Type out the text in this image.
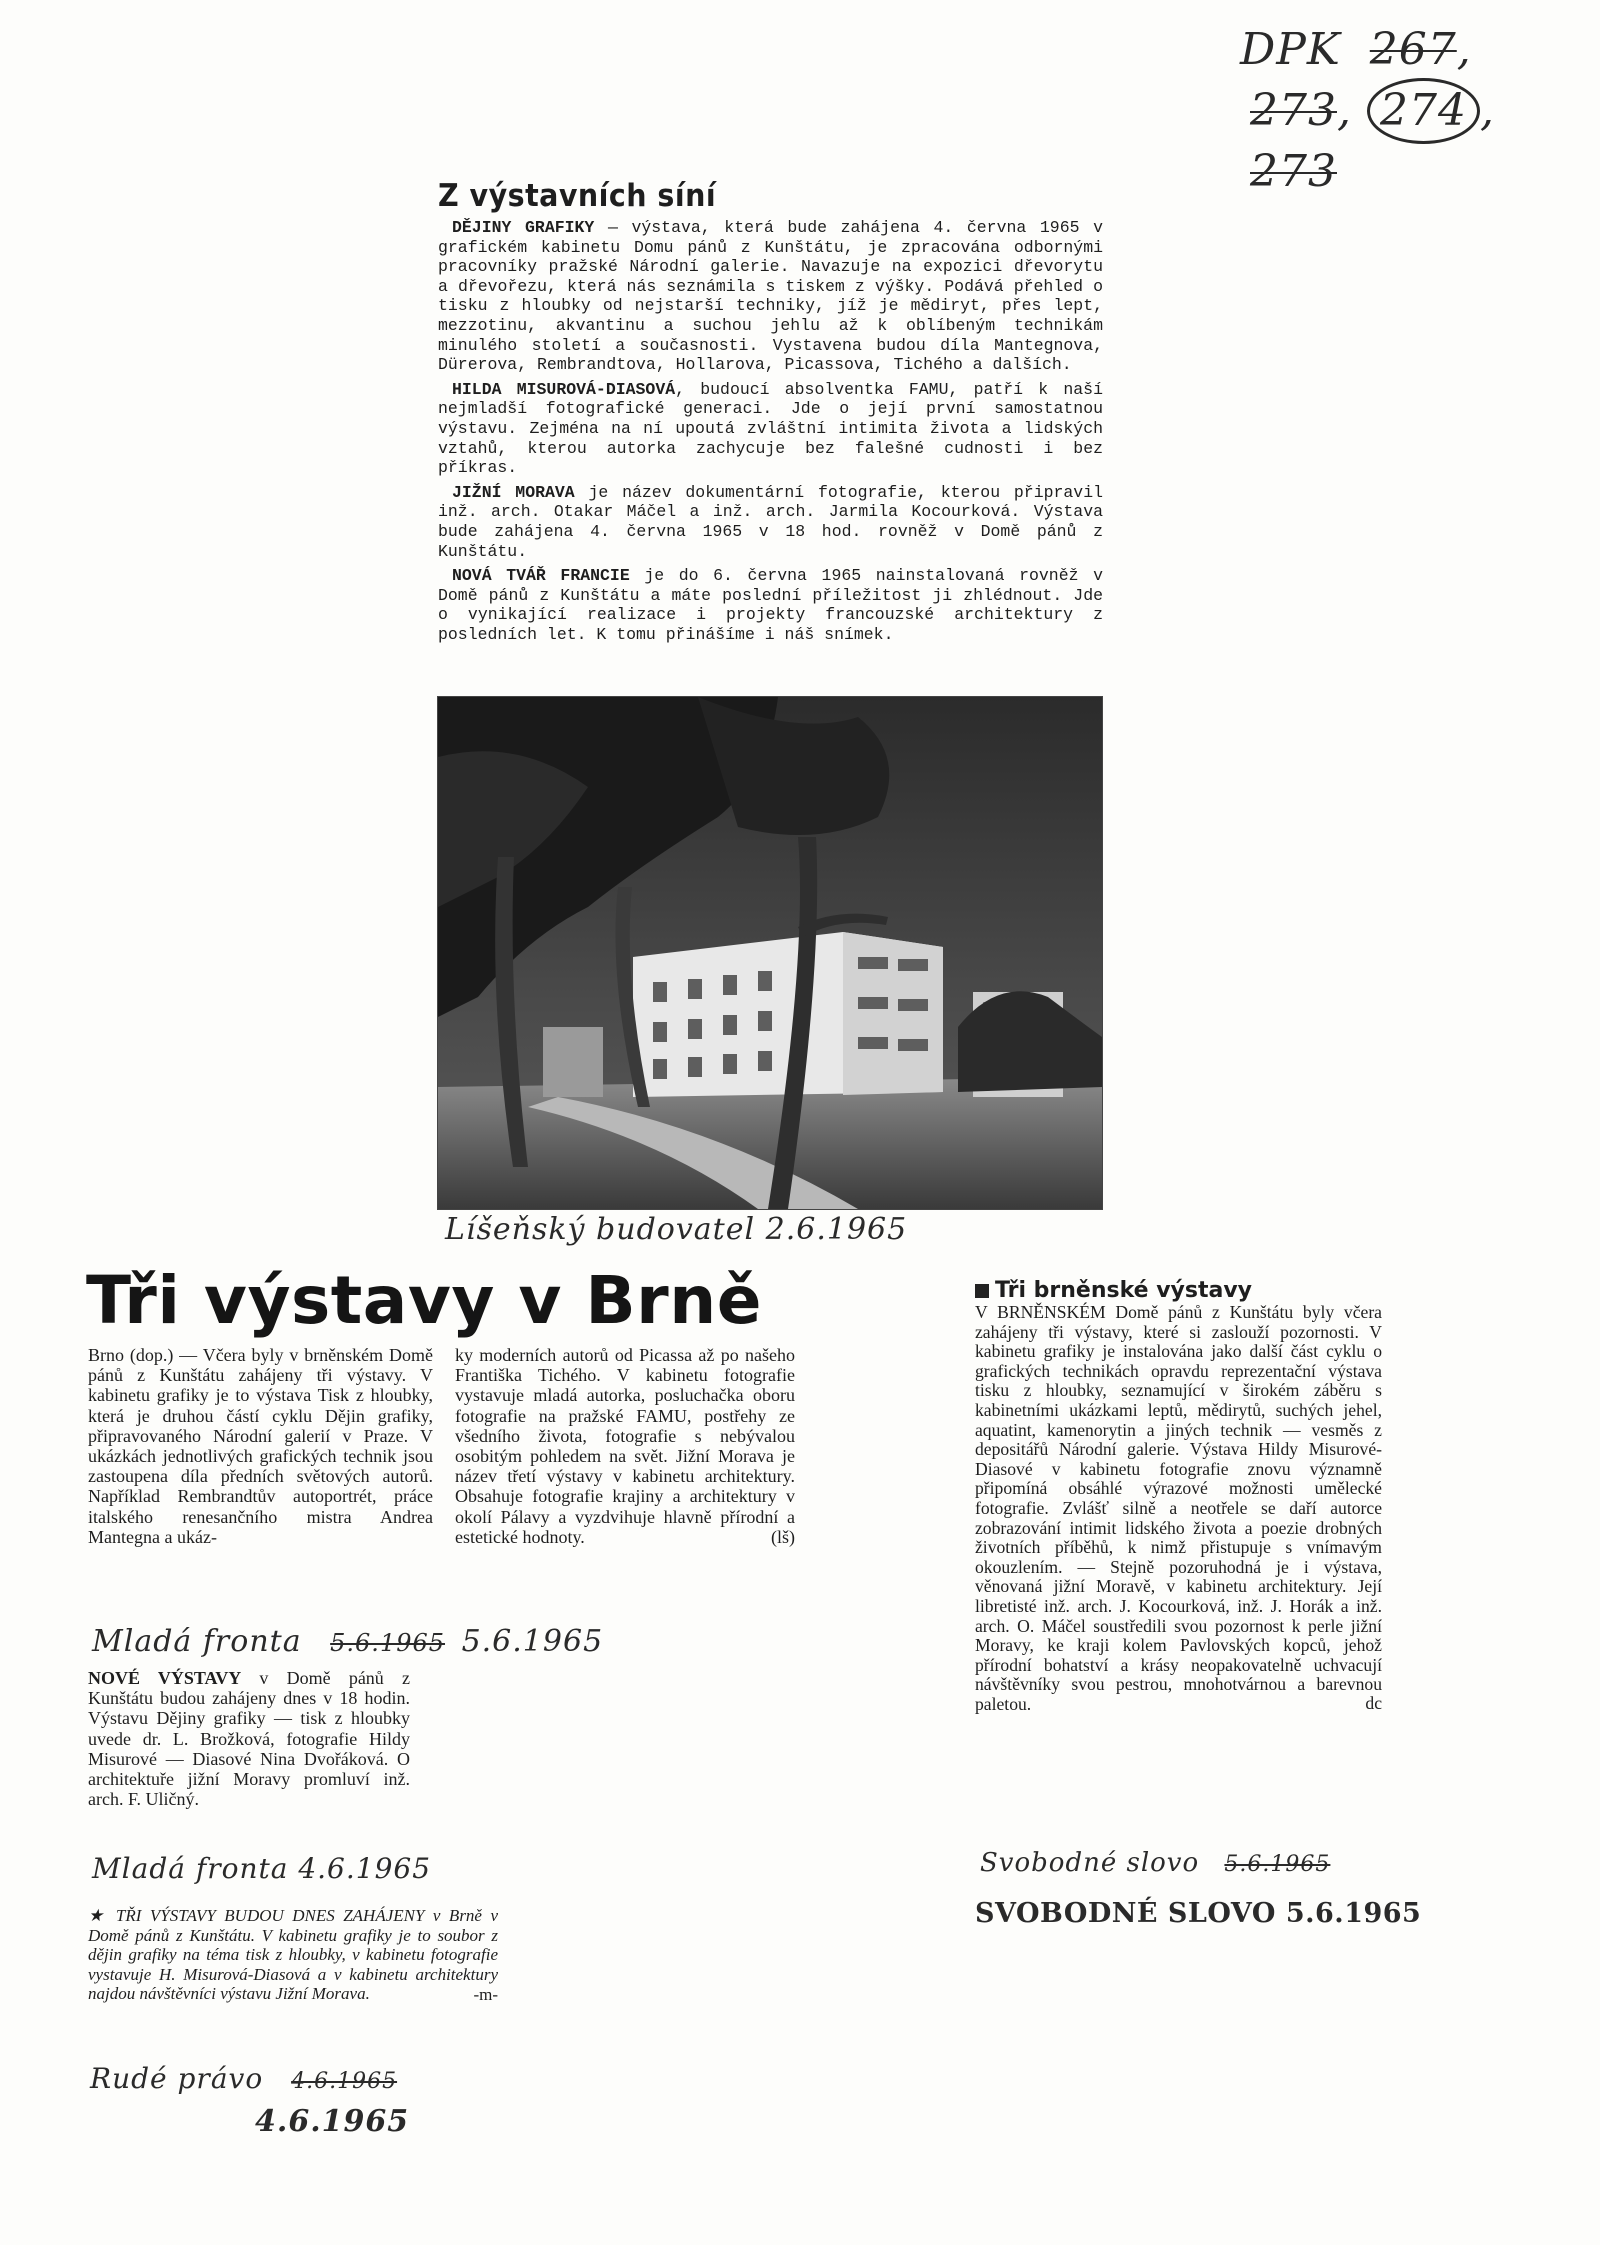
DPK 267,
273, 274 , 273
Z výstavních síní

DĚJINY GRAFIKY — výstava, která bude zahájena 4. června 1965 v grafickém kabinetu Domu pánů z Kunštátu, je zpracována odbornými pracovníky pražské Národní galerie. Navazuje na expozici dřevorytu a dřevořezu, která nás seznámila s tiskem z výšky. Podává přehled o tisku z hloubky od nejstarší techniky, jíž je mědiryt, přes lept, mezzotinu, akvantinu a suchou jehlu až k oblíbeným technikám minulého století a současnosti. Vystavena budou díla Mantegnova, Dürerova, Rembrandtova, Hollarova, Picassova, Tichého a dalších.

HILDA MISUROVÁ-DIASOVÁ, budoucí absolventka FAMU, patří k naší nejmladší fotografické generaci. Jde o její první samostatnou výstavu. Zejména na ní upoutá zvláštní intimita života a lidských vztahů, kterou autorka zachycuje bez falešné cudnosti i bez příkras.

JIŽNÍ MORAVA je název dokumentární fotografie, kterou připravil inž. arch. Otakar Máčel a inž. arch. Jarmila Kocourková. Výstava bude zahájena 4. června 1965 v 18 hod. rovněž v Domě pánů z Kunštátu.

NOVÁ TVÁŘ FRANCIE je do 6. června 1965 nainstalovaná rovněž v Domě pánů z Kunštátu a máte poslední příležitost ji zhlédnout. Jde o vynikající realizace i projekty francouzské architektury z posledních let. K tomu přinášíme i náš snímek.

Líšeňský budovatel 2.6.1965
Tři výstavy v Brně

Brno (dop.) — Včera byly v brněnském Domě pánů z Kunštátu zahájeny tři výstavy. V kabinetu grafiky je to výstava Tisk z hloubky, která je druhou částí cyklu Dějin grafiky, připravovaného Národní galerií v Praze. V ukázkách jednotlivých grafických technik jsou zastoupena díla předních světových autorů. Například Rembrandtův autoportrét, práce italského renesančního mistra Andrea Mantegna a ukáz-

ky moderních autorů od Picassa až po našeho Františka Tichého. V kabinetu fotografie vystavuje mladá autorka, posluchačka oboru fotografie na pražské FAMU, postřehy ze všedního života, fotografie s nebývalou osobitým pohledem na svět. Jižní Morava je název třetí výstavy v kabinetu architektury. Obsahuje fotografie krajiny a architektury v okolí Pálavy a vyzdvihuje hlavně přírodní a estetické hodnoty.	(lš)
Mladá fronta 5.6.1965 5.6.1965

NOVÉ VÝSTAVY v Domě pánů z Kunštátu budou zahájeny dnes v 18 hodin. Výstavu Dějiny grafiky — tisk z hloubky uvede dr. L. Brožková, fotografie Hildy Misurové — Diasové Nina Dvořáková. O architektuře jižní Moravy promluví inž. arch. F. Uličný.

Mladá fronta 4.6.1965

★ TŘI VÝSTAVY BUDOU DNES ZAHÁJENY v Brně v Domě pánů z Kunštátu. V kabinetu grafiky je to soubor z dějin grafiky na téma tisk z hloubky, v kabinetu fotografie vystavuje H. Misurová-Diasová a v kabinetu architektury najdou návštěvníci výstavu Jižní Morava.	-m-
Rudé právo 4.6.1965
4.6.1965
Tři brněnské výstavy

V BRNĚNSKÉM Domě pánů z Kunštátu byly včera zahájeny tři výstavy, které si zaslouží pozornosti. V kabinetu grafiky je instalována jako další část cyklu o grafických technikách opravdu reprezentační výstava tisku z hloubky, seznamující v širokém záběru s kabinetními ukázkami leptů, mědirytů, suchých jehel, aquatint, kamenorytin a jiných technik — vesměs z depositářů Národní galerie. Výstava Hildy Misurové-Diasové v kabinetu fotografie znovu významně připomíná obsáhlé výrazové možnosti umělecké fotografie. Zvlášť silně a neotřele se daří autorce zobrazování intimit lidského života a poezie drobných životních příběhů, k nimž přistupuje s vnímavým okouzlením. — Stejně pozoruhodná je i výstava, věnovaná jižní Moravě, v kabinetu architektury. Její libretisté inž. arch. J. Kocourková, inž. J. Horák a inž. arch. O. Máčel soustředili svou pozornost k perle jižní Moravy, ke kraji kolem Pavlovských kopců, jehož přírodní bohatství a krásy neopakovatelně uchvacují návštěvníky svou pestrou, mnohotvárnou a barevnou paletou.	dc
Svobodné slovo 5.6.1965
SVOBODNÉ SLOVO 5.6.1965
